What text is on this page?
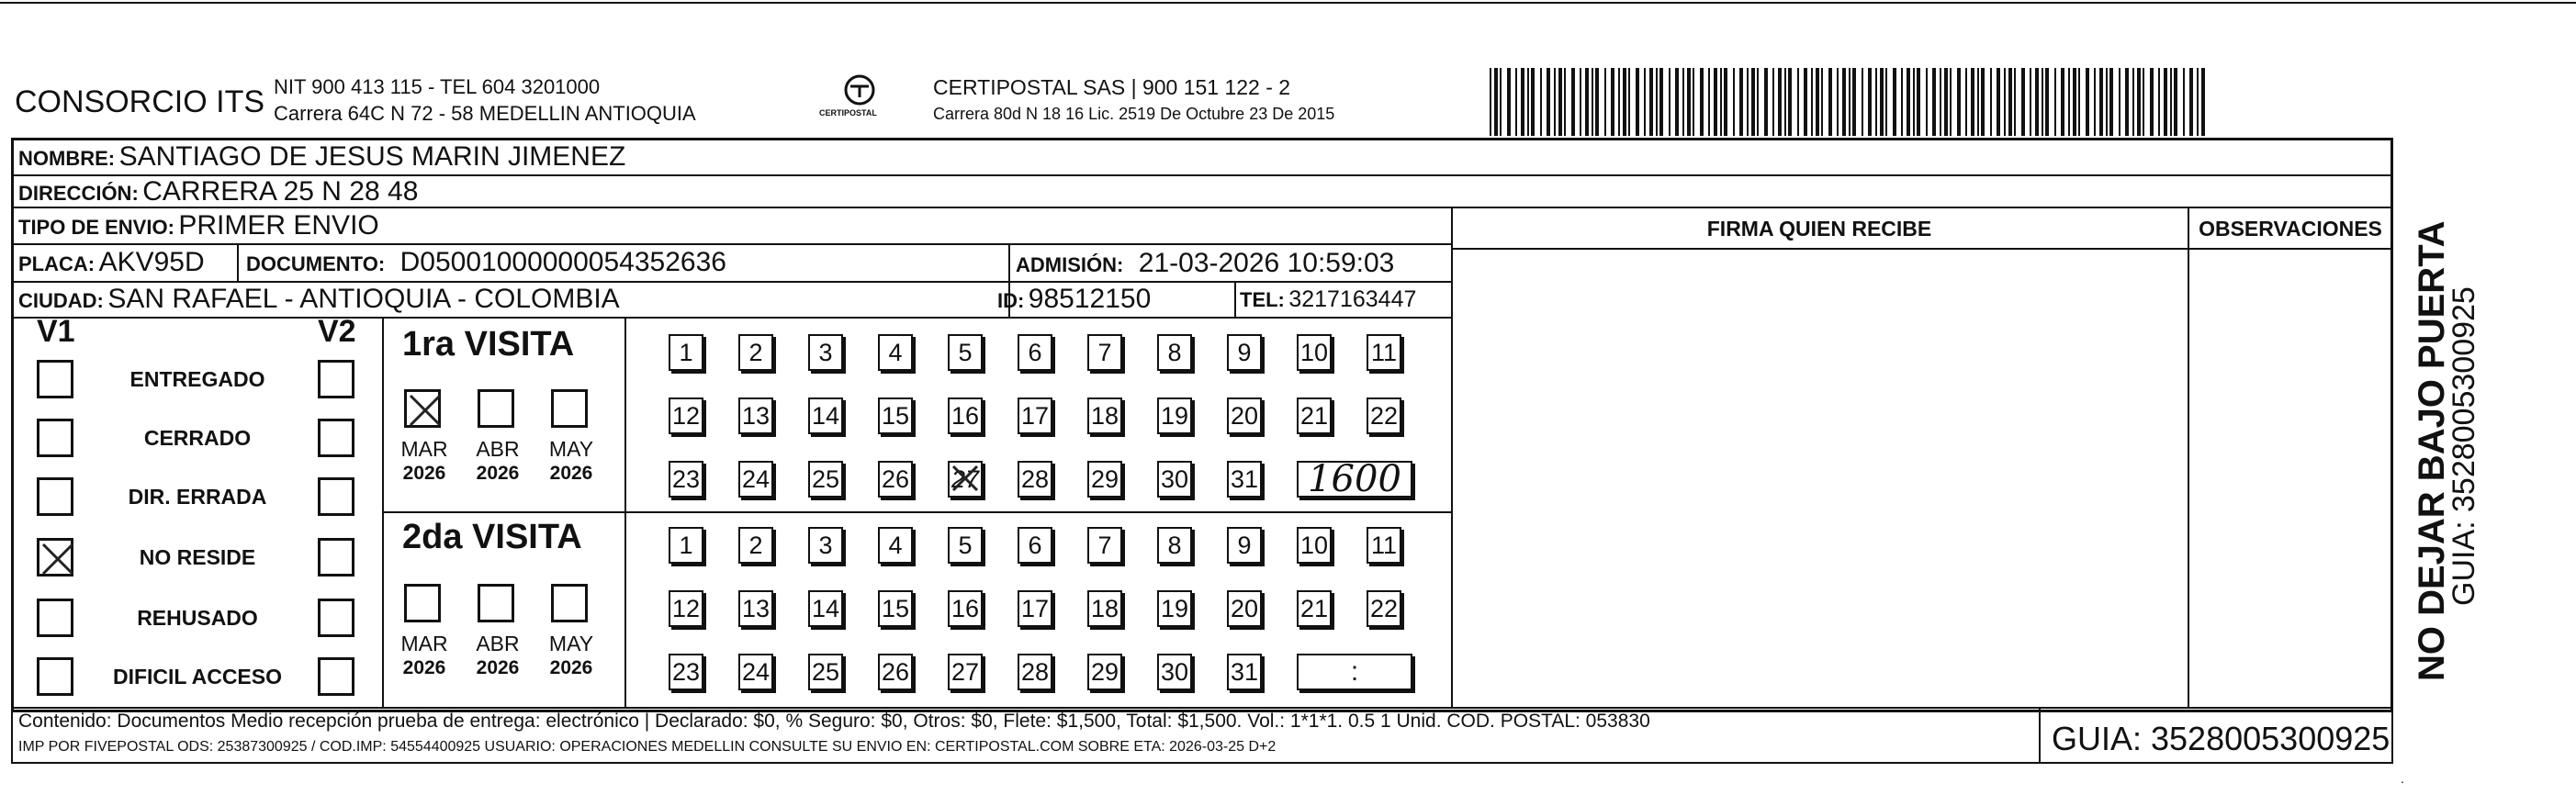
CONSORCIO ITS NIT 900 413 115 - TEL 604 3201000
Carrera 64C N 72 - 58 MEDELLIN ANTIOQUIA	CERTIPOSTAL
CERTIPOSTAL SAS | 900 151 122 - 2
Carrera 80d N 18 16 Lic. 2519 De Octubre 23 De 2015
NOMBRE: SANTIAGO DE JESUS MARIN JIMENEZ
DIRECCIÓN: CARRERA 25 N 28 48
TIPO DE ENVIO: PRIMER ENVIO
PLACA: AKV95D DOCUMENTO: D05001000000054352636	ADMISIÓN: 21-03-2026 10:59:03
CIUDAD: SAN RAFAEL - ANTIOQUIA - COLOMBIA	ID: 98512150	TEL: 3217163447
FIRMA QUIEN RECIBE	OBSERVACIONES
V1	V2
ENTREGADO
CERRADO
DIR. ERRADA
NO RESIDE
REHUSADO
DIFICIL ACCESO
1ra VISITA
2da VISITA
MAR
2026
ABR
2026
MAY
2026
MAR
2026
ABR
2026
MAY
2026
1 2 3 4 5 6 7 8 9 10 11
12 13 14 15 16 17 18 19 20 21 22
23 24 25 26 27 28 29 30 31 1600
1 2 3 4 5 6 7 8 9 10 11
12 13 14 15 16 17 18 19 20 21 22
23 24 25 26 27 28 29 30 31	:
Contenido: Documentos Medio recepción prueba de entrega: electrónico | Declarado: $0, % Seguro: $0, Otros: $0, Flete: $1,500, Total: $1,500. Vol.: 1*1*1. 0.5 1 Unid. COD. POSTAL: 053830
IMP POR FIVEPOSTAL ODS: 25387300925 / COD.IMP: 54554400925 USUARIO: OPERACIONES MEDELLIN CONSULTE SU ENVIO EN: CERTIPOSTAL.COM SOBRE ETA: 2026-03-25 D+2	GUIA: 3528005300925
NO DEJAR BAJO PUERTA
GUIA: 3528005300925
.
